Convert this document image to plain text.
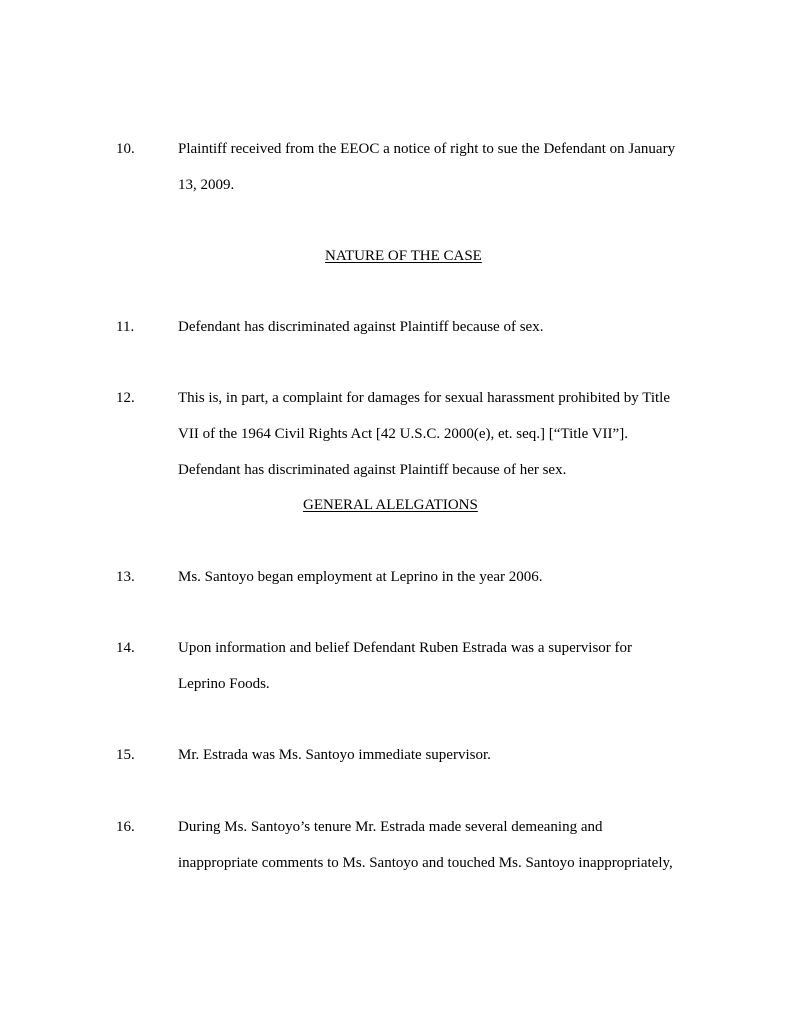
10.	Plaintiff received from the EEOC a notice of right to sue the Defendant on January
13, 2009.
NATURE OF THE CASE
11.	Defendant has discriminated against Plaintiff because of sex.
12.	This is, in part, a complaint for damages for sexual harassment prohibited by Title
VII of the 1964 Civil Rights Act [42 U.S.C. 2000(e), et. seq.] [“Title VII”].
Defendant has discriminated against Plaintiff because of her sex.
GENERAL ALELGATIONS
13.	Ms. Santoyo began employment at Leprino in the year 2006.
14.	Upon information and belief Defendant Ruben Estrada was a supervisor for
Leprino Foods.
15.	Mr. Estrada was Ms. Santoyo immediate supervisor.
16.	During Ms. Santoyo’s tenure Mr. Estrada made several demeaning and
inappropriate comments to Ms. Santoyo and touched Ms. Santoyo inappropriately,
